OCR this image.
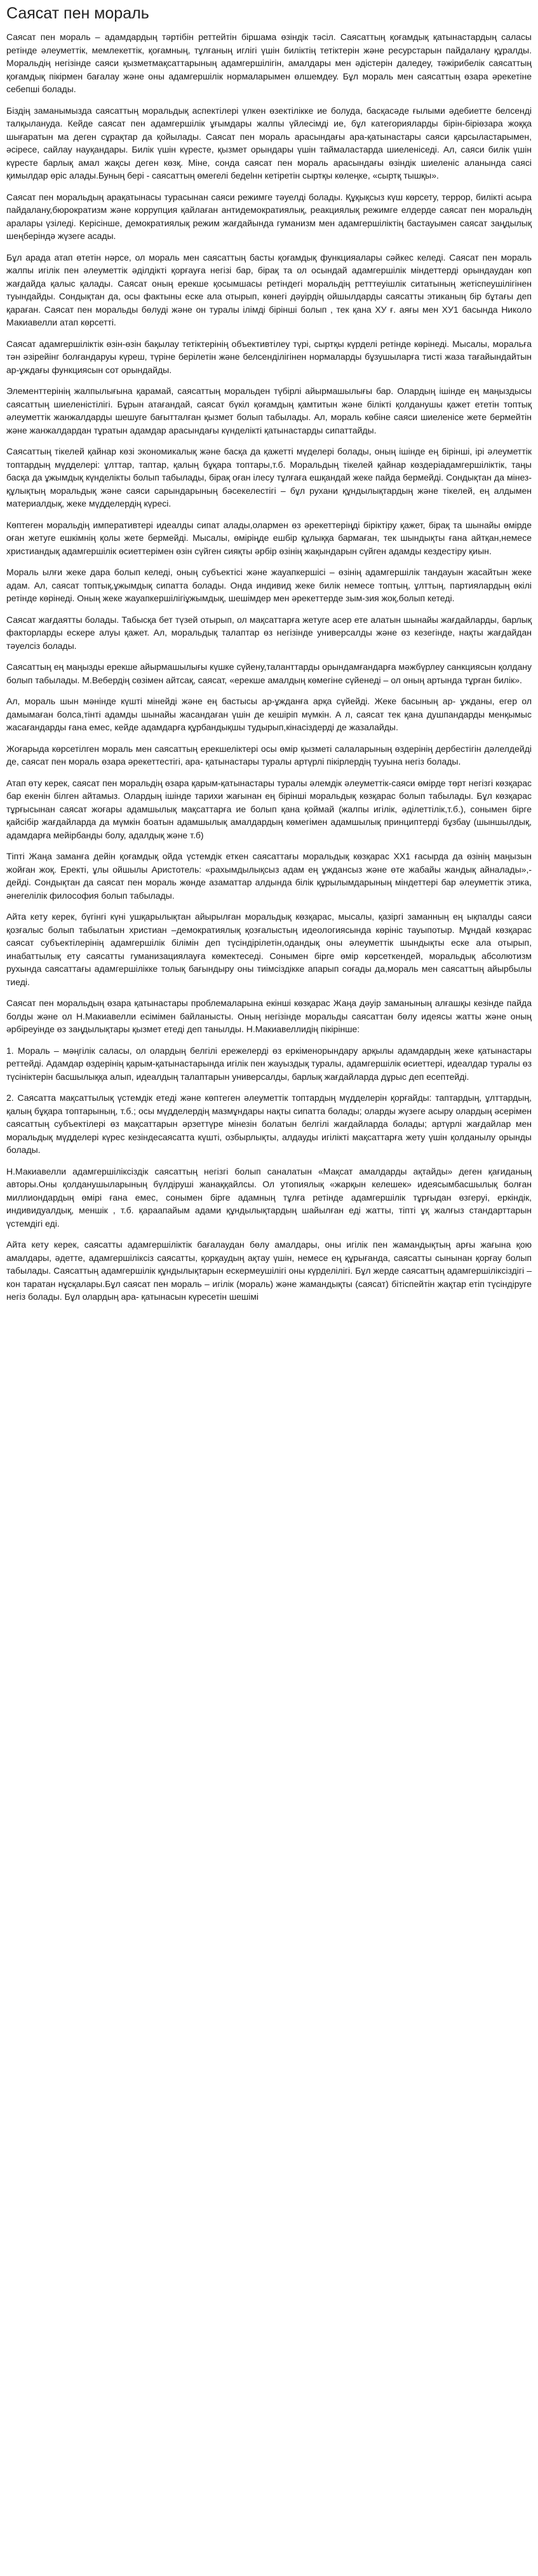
Саясат пен мораль

Саясат пен мораль – адамдардың тәртібін реттейтін біршама өзіндік тәсіл. Саясаттың қоғамдық қатынастардың саласы ретінде әлеуметтік, мемлекеттік, қоғамның, тұлғаның иглігі үшін биліктің тетіктерін және ресурстарын пайдалану құралды. Моральдің негізінде саяси қызметмақсаттарының адамгершілігін, амалдары мен әдістерін даледеу, тәжірибелік саясаттың қоғамдық пікірмен бағалау және оны адамгершілік нормаларымен өлшемдеу. Бұл мораль мен саясаттың өзара әрекетіне себепші болады.

Біздің заманымызда саясаттың моральдық аспектілері үлкен өзектілікке ие болуда, басқасәде ғылыми әдебиетте белсенді талқылануда. Кейде саясат пен адамгершілік ұғымдары жалпы үйлесімді ие, бұл категорияларды бірін-біріөзара жоққа шығаратын ма деген сұрақтар да қойылады. Саясат пен мораль арасындағы ара-қатынастары саяси қарсыластарымен, әсіресе, сайлау науқандары. Билік үшін күресте, қызмет орындары үшін таймаластарда шиеленіседі. Ал, саяси билік үшін күресте барлық амал жақсы деген көзқ. Міне, сонда саясат пен мораль арасындағы өзіндік шиеленіс аланында саясі қимылдар өріс алады.Буның бері - саясаттың өмегелі бедеlнн кетіретін сыртқы көлеңке, «сыртқ тышқы».

Саясат пен моральдың арақатынасы турасынан саяси режимге тәуелді болады. Құқықсыз күш көрсету, террор, билікті асыра пайдалану,бюрократизм және коррупция қайлаған антидемократиялық, реакциялық режимге елдерде саясат пен моральдің аралары үзіледі. Керісінше, демократиялық режим жағдайында гуманизм мен адамгершіліктің бастауымен саясат заңдылық шеңберіндә жүзеге асады.

Бұл арада атап өтетін нәрсе, ол мораль мен саясаттың басты қоғамдық функцияалары сәйкес келеді. Саясат пен мораль жалпы игілік пен әлеуметтік әділдікті қорғауға негізі бар, бірақ та ол осындай адамгершілік міндеттерді орындаудан көп жағдайда қалыс қалады. Саясат оның ерекше қосымшасы ретіндегі моральдің ретттеуішлік ситатының жетіспеушілігінен туындайды. Сондықтан да, осы фактыны ескe ала отырып, көнегі дәуірдің ойшылдарды саясатты этиканың бір бұтағы деп қараған. Саясат пен моральды бөлуді және он туралы ілімді бірінші болып , тек қана ХУ ғ. аяғы мен ХУ1 басында Николо Макиавелли атап көрсетті.

Саясат адамгершіліктік өзін-өзін бақылау тетіктерінің объективтілеу түрі, сыртқы күрделі ретінде көрінеді. Мысалы, моральға тән әзірейінг болғандаруы күреш, түріне берілетін және белсенділігінен нормаларды бұзушыларға тисті жаза тағайындайтын ар-ұждағы функциясын сот орындайды.

Элементтерінің жалпылығына қарамай, саясаттың моральден түбірлі айырмашылығы бар. Олардың ішінде ең маңыздысы саясаттың шиеленістілігі. Бұрын атағандай, саясат бүкіл қоғамдың қамтитын және білікті қолданушы қажет ететін топтық әлеуметтік жанжалдарды шешуге бағытталған қызмет болып табылады. Ал, мораль көбіне саяси шиеленісе жете бермейтін және жанжалдардан тұратын адамдар арасындағы күнделікті қатынастарды сипаттайды.

Саясаттың тікелей қайнар көзі экономикалық және басқа да қажетті мүделері болады, оның ішінде ең бірінші, ірі әлеуметтік топтардың мүдделері: ұлттар, таптар, қалың бұқара топтары,т.б. Моральдың тікелей қайнар көздеріадамгершіліктік, таңы басқа да ұжымдық күнделікты болып табылады, бірақ оған ілесу тұлғаға ешқандай жеке пайда бермейді. Сондықтан да мінез-құлықтың моральдық және саяси сарындарының бәсекелестігі – бұл рухани құндылықтардың және тікелей, ең алдымен материалдық, жеке мүдделердің күресі.

Көптеген моральдің императивтері идеалды сипат алады,олармен өз әрекеттеріңді біріктіру қажет, бірақ та шынайы өмірде оған жетуге ешкімнің қолы жете бермейді. Мысалы, өміріңде ешбір құлыққа бармаған, тек шындықты ғана айтқан,немесе христиандық адамгершілік өсиеттерімен өзін сүйген сияқты әрбір өзінің жақындарын сүйген адамды кездестіру қиын.

Мораль ылғи жеке дара болып келеді, оның субъектісі және жауапкершісі – өзінің адамгершілік тандауын жасайтын жеке адам. Ал, саясат топтық,ұжымдық сипатта болады. Онда индивид жеке билік немесе топтың, ұлттың, партиялардың өкілі ретінде көрінеді. Оның жеке жауапкершілігіұжымдық, шешімдер мен әрекеттерде зым-зия жоқ,болып кетеді.

Саясат жағдаятты болады. Табысқа бет түзей отырып, ол мақсаттарға жетуге асер ете алатын шынайы жағдайларды, барлық факторларды ескере алуы қажет. Ал, моральдық талаптар өз негізінде универсалды және өз кезегінде, нақты жағдайдан тәуелсіз болады.

Саясаттың ең маңызды ерекше айырмашылығы күшке сүйену,таланттарды орындамғандарға мәжбүрлеу санкциясын қолдану болып табылады. М.Вебердің сөзімен айтсақ, саясат, «ерекше амалдың көмегіне сүйенеді – ол оның артында тұрған билік».

Ал, мораль шын мәнінде күшті мінейді және ең бастысы ар-ұжданға арқа сүйейді. Жеке басының ар- ұжданы, егер ол дамымаған болса,тінті адамды шынайы жасандаған үшін де кешіріп мүмкін. А л, саясат тек қана душпандарды менқымыс жасағандарды ғана емес, кейде адамдарға құрбандықшы тудырып,кінасіздерді де жазалайды.

Жоғарыда көрсетілген мораль мен саясаттың ерекшеліктері осы өмір қызметі салаларының өздерінің дербестігін дәлелдейді де, саясат пен мораль өзара әрекеттестігі, ара- қатынастары туралы артүрлі пікірлердің тууына негіз болады.

Атап өту керек, саясат пен моральдің өзара қарым-қатынастары туралы әлемдік әлеуметтік-саяси өмірде төрт негізгі көзқарас бар екенін білген айтамыз. Олардың ішінде тарихи жағынан ең бірінші моральдық көзқарас болып табылады. Бұл көзқарас тұрғысынан саясат жоғары адамшылық мақсаттарға ие болып қана қоймай (жалпы игілік, әділеттілік,т.б.), сонымен бірге қайсібір жағдайларда да мүмкін боатын адамшылық амалдардың көмегімен адамшылық принциптерді бұзбау (шыншылдық, адамдарға мейірбанды болу, адалдық және т.б)

Тіпті Жаңа заманға дейін қоғамдық ойда үстемдік еткен саясаттағы моральдық көзқарас ХХ1 ғасырда да өзінің маңызын жойған жоқ. Еректі, ұлы ойшылы Аристотель: «рахымдылықсыз адам ең ұждансыз және өте жабайы жандық айналады»,-дейді. Сондықтан да саясат пен мораль жөнде азаматтар алдында білік құрылымдарының міндеттері бар әлеуметтік этика, әнегелілік философия болып табылады.

Айта кету керек, бүгінгі күні ушқарылықтан айырылған моральдық көзқарас, мысалы, қазіргі заманның ең ықпалды саяси қозғалыс болып табылатын христиан –демократиялық қозғалыстың идеологиясында көрініс тауыпотыр. Мұндай көзқарас саясат субъектілерінің адамгершілік білімін деп түсіндірілетін,одандық оны әлеуметтік шындықты ескe ала отырып, инабаттылық ету саясатты гуманизациялауға көмектеседі. Сонымен бірге өмір көрсеткендей, моральдық абсолютизм рухында саясаттағы адамгершілікке толық бағындыру оны тиімсіздікке апарып соғады да,мораль мен саясаттың айырбылы тиеді.

Саясат пен моральдың өзара қатынастары проблемаларына екінші көзқарас Жаңа дәуір заманының алғашқы кезінде пайда болды және ол Н.Макиавелли есімімен байланысты. Оның негізінде моральды саясаттан бөлу идеясы жатты және оның әрбіреуінде өз заңдылықтары қызмет етеді деп танылды. Н.Макиавеллидің пікірінше:

1. Мораль – мәңгілік саласы, ол олардың белгілі ережелерді өз еркіменорындару арқылы адамдардың жеке қатынастары реттейді. Адамдар өздерінің қарым-қатынастарында игілік пен жауыздық туралы, адамгершілік өсиеттері, идеалдар туралы өз түсініктерін басшылыққа алып, идеалдың талаптарын универсалды, барлық жағдайларда дұрыс деп есептейді.

2. Саясатта мақсаттылық үстемдік етеді және көптеген әлеуметтік топтардың мүдделерін қорғайды: таптардың, ұлттардың, қалың бұқара топтарының, т.б.; осы мүдделердің мазмұндары нақты сипатта болады; оларды жүзеге асыру олардың әсерімен саясаттың субъектілері өз мақсаттарын әрзеттүре мінезін болатын белгілі жағдайларда болады; артүрлі жағдайлар мен моральдық мүдделері күрес кезіндесаясатта күшті, озбырлықты, алдауды игілікті мақсаттарға жету үшін қолданылу орынды болады.

Н.Макиавелли адамгершіліксіздік саясаттың негізгі болып саналатын «Мақсат амалдарды ақтайды» деген қағиданың авторы.Оны қолданушыларының бүлдіруші жанаққайлсы. Ол утопиялық «жарқын келешек» идеясымбасшылық болған миллиондардың өмірі ғана емес, сонымен бірге адамның тұлға ретінде адамгершілік тұрғыдан өзгеруі, еркіндік, индивидуалдық, меншік , т.б. қараапайым адами құндылықтардың шайылған еді жатты, тіпті ұқ жалғыз стандарттарын үстемдігі еді.

Айта кету керек, саясатты адамгершіліктік бағалаудан бөлу амалдары, оны игілік пен жамандықтың арғы жағына қою амалдары, әдетте, адамгершіліксіз саясатты, қорқаудың ақтау үшін, немесе ең құрығанда, саясатты сынынан қорғау болып табылады. Саясаттың адамгершілік құндылықтарын ескермеушілігі оны күрделілігі. Бұл жерде саясаттың адамгершіліксіздігі – кон таратан нұсқалары.Бұл саясат пен мораль – игілік (мораль) және жамандықты (саясат) бітіспейтін жақтар етіп түсіндіруге негіз болады. Бұл олардың ара- қатынасын күресетін шешімі
